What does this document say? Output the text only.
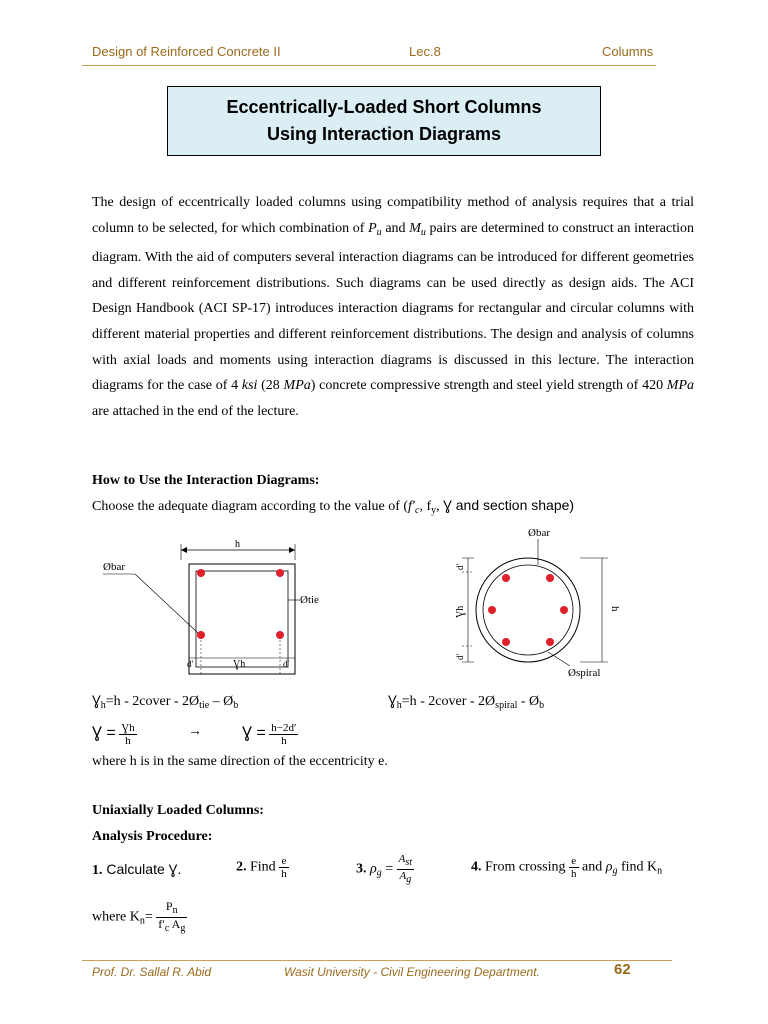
Design of Reinforced Concrete II	Lec.8	Columns
Eccentrically-Loaded Short Columns
Using Interaction Diagrams
The design of eccentrically loaded columns using compatibility method of analysis requires that a trial column to be selected, for which combination of $P_u$ and $M_u$ pairs are determined to construct an interaction diagram. With the aid of computers several interaction diagrams can be introduced for different geometries and different reinforcement distributions. Such diagrams can be used directly as design aids. The ACI Design Handbook (ACI SP-17) introduces interaction diagrams for rectangular and circular columns with different material properties and different reinforcement distributions. The design and analysis of columns with axial loads and moments using interaction diagrams is discussed in this lecture. The interaction diagrams for the case of 4 ksi (28 MPa) concrete compressive strength and steel yield strength of 420 MPa are attached in the end of the lecture.
How to Use the Interaction Diagrams:
Choose the adequate diagram according to the value of ($f'_c$, $f_y$, Ɣ and section shape)
h
Øbar
Øtie
d'	Ɣh	d'
Øbar
d'
Ɣh
d'
h
Øspiral
$Ɣ_h=h$ - 2cover - $2Ø_{tie}$ – $Ø_b$	$Ɣ_h=h$ - 2cover - $2Ø_{spiral}$ - $Ø_b$
Ɣ = $\frac{Ɣh}{h}$	→	Ɣ = $\frac{h-2d'}{h}$
where h is in the same direction of the eccentricity e.
Uniaxially Loaded Columns:
Analysis Procedure:
1. Calculate Ɣ.	2. Find $\frac{e}{h}$	3. $\rho_g = \frac{A_{st}}{A_g}$	4. From crossing $\frac{e}{h}$ and $\rho_g$ find $K_n$
where $K_n= \frac{P_n}{f'_c A_g}$
Prof. Dr. Sallal R. Abid	Wasit University - Civil Engineering Department.	62
